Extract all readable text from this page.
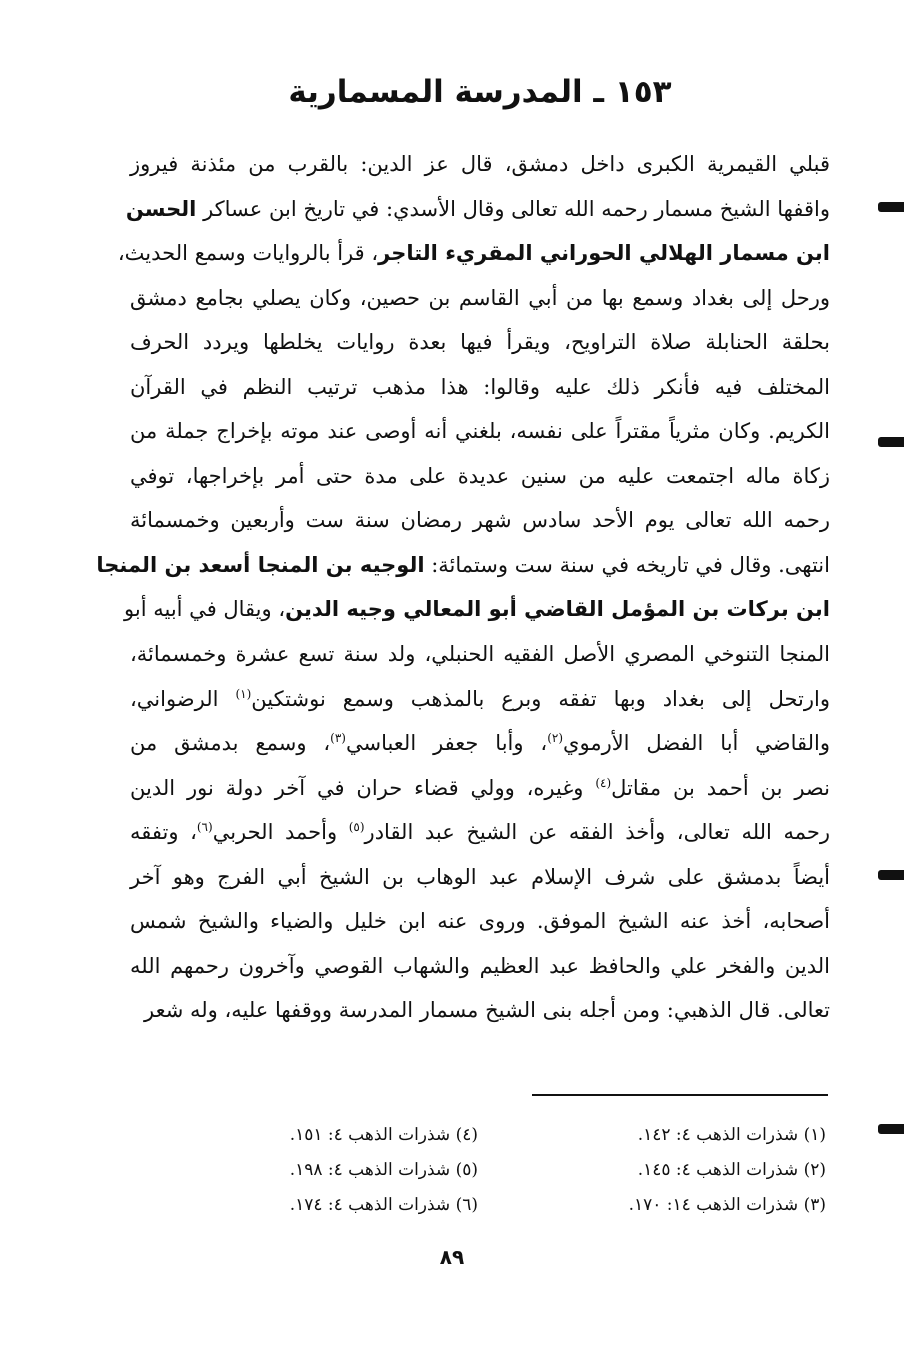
١٥٣ ـ المدرسة المسمارية
قبلي القيمرية الكبرى داخل دمشق، قال عز الدين: بالقرب من مئذنة فيروز
واقفها الشيخ مسمار رحمه الله تعالى وقال الأسدي: في تاريخ ابن عساكر الحسن
ابن مسمار الهلالي الحوراني المقريء التاجر، قرأ بالروايات وسمع الحديث،
ورحل إلى بغداد وسمع بها من أبي القاسم بن حصين، وكان يصلي بجامع دمشق
بحلقة الحنابلة صلاة التراويح، ويقرأ فيها بعدة روايات يخلطها ويردد الحرف
المختلف فيه فأنكر ذلك عليه وقالوا: هذا مذهب ترتيب النظم في القرآن
الكريم. وكان مثرياً مقتراً على نفسه، بلغني أنه أوصى عند موته بإخراج جملة من
زكاة ماله اجتمعت عليه من سنين عديدة على مدة حتى أمر بإخراجها، توفي
رحمه الله تعالى يوم الأحد سادس شهر رمضان سنة ست وأربعين وخمسمائة
انتهى. وقال في تاريخه في سنة ست وستمائة: الوجيه بن المنجا أسعد بن المنجا
ابن بركات بن المؤمل القاضي أبو المعالي وجيه الدين، ويقال في أبيه أبو
المنجا التنوخي المصري الأصل الفقيه الحنبلي، ولد سنة تسع عشرة وخمسمائة،
وارتحل إلى بغداد وبها تفقه وبرع بالمذهب وسمع نوشتكين$^{(١)}$ الرضواني،
والقاضي أبا الفضل الأرموي$^{(٢)}$، وأبا جعفر العباسي$^{(٣)}$، وسمع بدمشق من
نصر بن أحمد بن مقاتل$^{(٤)}$ وغيره، وولي قضاء حران في آخر دولة نور الدين
رحمه الله تعالى، وأخذ الفقه عن الشيخ عبد القادر$^{(٥)}$ وأحمد الحربي$^{(٦)}$، وتفقه
أيضاً بدمشق على شرف الإسلام عبد الوهاب بن الشيخ أبي الفرج وهو آخر
أصحابه، أخذ عنه الشيخ الموفق. وروى عنه ابن خليل والضياء والشيخ شمس
الدين والفخر علي والحافظ عبد العظيم والشهاب القوصي وآخرون رحمهم الله
تعالى. قال الذهبي: ومن أجله بنى الشيخ مسمار المدرسة ووقفها عليه، وله شعر
(١) شذرات الذهب ٤: ١٤٢.
(٢) شذرات الذهب ٤: ١٤٥.
(٣) شذرات الذهب ١٤: ١٧٠.
(٤) شذرات الذهب ٤: ١٥١.
(٥) شذرات الذهب ٤: ١٩٨.
(٦) شذرات الذهب ٤: ١٧٤.
٨٩
